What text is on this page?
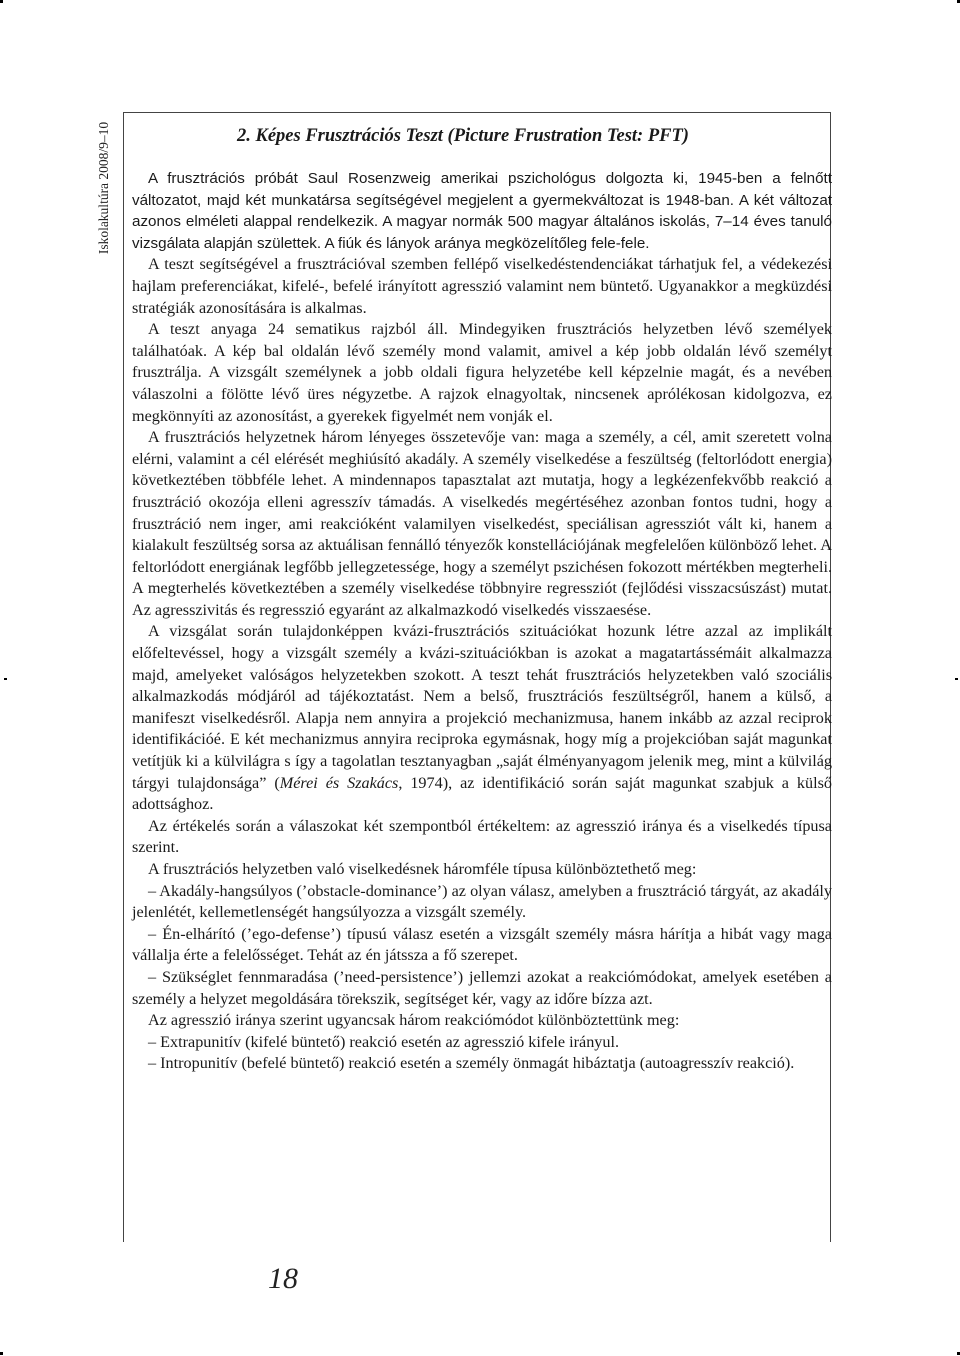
Iskolakultúra 2008/9–10	2. Képes Frusztrációs Teszt (Picture Frustration Test: PFT)

A frusztrációs próbát Saul Rosenzweig amerikai pszichológus dolgozta ki, 1945-ben a felnőtt változatot, majd két munkatársa segítségével megjelent a gyermekváltozat is 1948-ban. A két változat azonos elméleti alappal rendelkezik. A magyar normák 500 magyar általános iskolás, 7–14 éves tanuló vizsgálata alapján születtek. A fiúk és lányok aránya megközelítőleg fele-fele.

A teszt segítségével a frusztrációval szemben fellépő viselkedéstendenciákat tárhatjuk fel, a védekezési hajlam preferenciákat, kifelé-, befelé irányított agresszió valamint nem büntető. Ugyanakkor a megküzdési stratégiák azonosítására is alkalmas.

A teszt anyaga 24 sematikus rajzból áll. Mindegyiken frusztrációs helyzetben lévő személyek találhatóak. A kép bal oldalán lévő személy mond valamit, amivel a kép jobb oldalán lévő személyt frusztrálja. A vizsgált személynek a jobb oldali figura helyzetébe kell képzelnie magát, és a nevében válaszolni a fölötte lévő üres négyzetbe. A rajzok elnagyoltak, nincsenek aprólékosan kidolgozva, ez megkönnyíti az azonosítást, a gyerekek figyelmét nem vonják el.

A frusztrációs helyzetnek három lényeges összetevője van: maga a személy, a cél, amit szeretett volna elérni, valamint a cél elérését meghiúsító akadály. A személy viselkedése a feszültség (feltorlódott energia) következtében többféle lehet. A mindennapos tapasztalat azt mutatja, hogy a legkézenfekvőbb reakció a frusztráció okozója elleni agresszív támadás. A viselkedés megértéséhez azonban fontos tudni, hogy a frusztráció nem inger, ami reakcióként valamilyen viselkedést, speciálisan agressziót vált ki, hanem a kialakult feszültség sorsa az aktuálisan fennálló tényezők konstellációjának megfelelően különböző lehet. A feltorlódott energiának legfőbb jellegzetessége, hogy a személyt pszichésen fokozott mértékben megterheli. A megterhelés következtében a személy viselkedése többnyire regressziót (fejlődési visszacsúszást) mutat. Az agresszivitás és regresszió egyaránt az alkalmazkodó viselkedés visszaesése.

A vizsgálat során tulajdonképpen kvázi-frusztrációs szituációkat hozunk létre azzal az implikált előfeltevéssel, hogy a vizsgált személy a kvázi-szituációkban is azokat a magatartássémáit alkalmazza majd, amelyeket valóságos helyzetekben szokott. A teszt tehát frusztrációs helyzetekben való szociális alkalmazkodás módjáról ad tájékoztatást. Nem a belső, frusztrációs feszültségről, hanem a külső, a manifeszt viselkedésről. Alapja nem annyira a projekció mechanizmusa, hanem inkább az azzal reciprok identifikációé. E két mechanizmus annyira reciproka egymásnak, hogy míg a projekcióban saját magunkat vetítjük ki a külvilágra s így a tagolatlan tesztanyagban „saját élményanyagom jelenik meg, mint a külvilág tárgyi tulajdonsága” (Mérei és Szakács, 1974), az identifikáció során saját magunkat szabjuk a külső adottsághoz.

Az értékelés során a válaszokat két szempontból értékeltem: az agresszió iránya és a viselkedés típusa szerint.

A frusztrációs helyzetben való viselkedésnek háromféle típusa különböztethető meg:

– Akadály-hangsúlyos (’obstacle-dominance’) az olyan válasz, amelyben a frusztráció tárgyát, az akadály jelenlétét, kellemetlenségét hangsúlyozza a vizsgált személy.

– Én-elhárító (’ego-defense’) típusú válasz esetén a vizsgált személy másra hárítja a hibát vagy maga vállalja érte a felelősséget. Tehát az én játssza a fő szerepet.

– Szükséglet fennmaradása (’need-persistence’) jellemzi azokat a reakciómódokat, amelyek esetében a személy a helyzet megoldására törekszik, segítséget kér, vagy az időre bízza azt.

Az agresszió iránya szerint ugyancsak három reakciómódot különböztettünk meg:

– Extrapunitív (kifelé büntető) reakció esetén az agresszió kifele irányul.

– Intropunitív (befelé büntető) reakció esetén a személy önmagát hibáztatja (autoagresszív reakció).

18
